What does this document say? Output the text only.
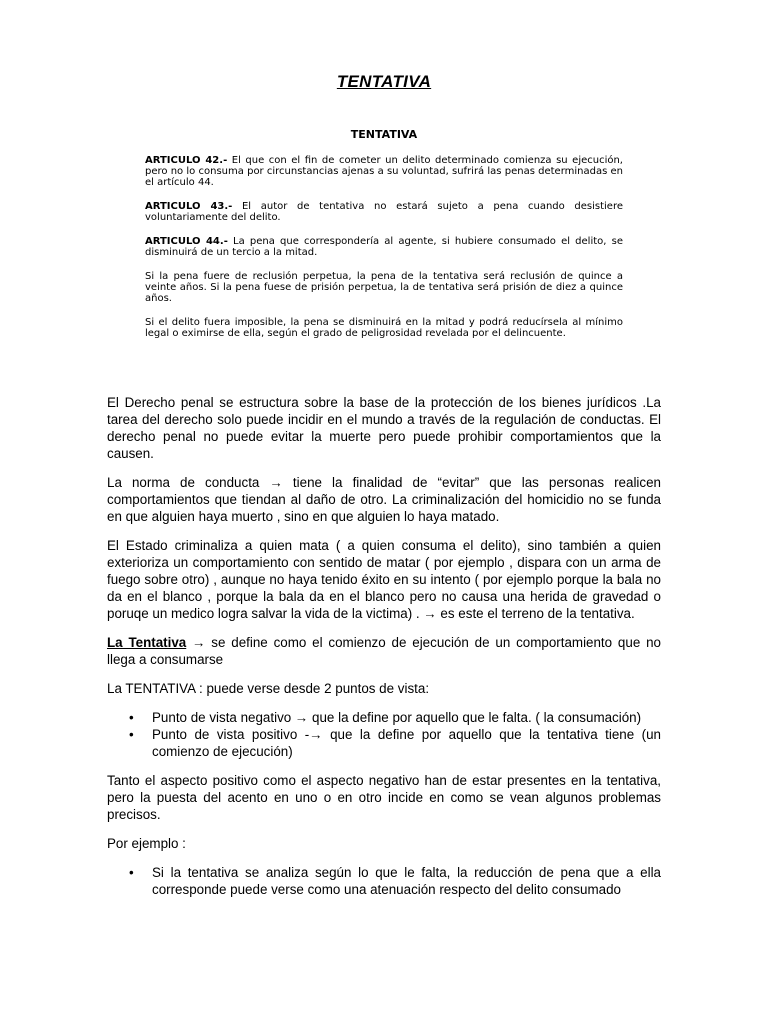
TENTATIVA
TENTATIVA

ARTICULO 42.- El que con el fin de cometer un delito determinado comienza su ejecución, pero no lo consuma por circunstancias ajenas a su voluntad, sufrirá las penas determinadas en el artículo 44.

ARTICULO 43.- El autor de tentativa no estará sujeto a pena cuando desistiere voluntariamente del delito.

ARTICULO 44.- La pena que correspondería al agente, si hubiere consumado el delito, se disminuirá de un tercio a la mitad.

Si la pena fuere de reclusión perpetua, la pena de la tentativa será reclusión de quince a veinte años. Si la pena fuese de prisión perpetua, la de tentativa será prisión de diez a quince años.

Si el delito fuera imposible, la pena se disminuirá en la mitad y podrá reducírsela al mínimo legal o eximirse de ella, según el grado de peligrosidad revelada por el delincuente.

El Derecho penal se estructura sobre la base de la protección de los bienes jurídicos .La tarea del derecho solo puede incidir en el mundo a través de la regulación de conductas. El derecho penal no puede evitar la muerte pero puede prohibir comportamientos que la causen.

La norma de conducta → tiene la finalidad de “evitar” que las personas realicen comportamientos que tiendan al daño de otro. La criminalización del homicidio no se funda en que alguien haya muerto , sino en que alguien lo haya matado.

El Estado criminaliza a quien mata ( a quien consuma el delito), sino también a quien exterioriza un comportamiento con sentido de matar ( por ejemplo , dispara con un arma de fuego sobre otro) , aunque no haya tenido éxito en su intento ( por ejemplo porque la bala no da en el blanco , porque la bala da en el blanco pero no causa una herida de gravedad o poruqe un medico logra salvar la vida de la victima) . → es este el terreno de la tentativa.

La Tentativa → se define como el comienzo de ejecución de un comportamiento que no llega a consumarse

La TENTATIVA : puede verse desde 2 puntos de vista:

• Punto de vista negativo → que la define por aquello que le falta. ( la consumación)
• Punto de vista positivo -→ que la define por aquello que la tentativa tiene (un comienzo de ejecución)

Tanto el aspecto positivo como el aspecto negativo han de estar presentes en la tentativa, pero la puesta del acento en uno o en otro incide en como se vean algunos problemas precisos.

Por ejemplo :

• Si la tentativa se analiza según lo que le falta, la reducción de pena que a ella corresponde puede verse como una atenuación respecto del delito consumado
